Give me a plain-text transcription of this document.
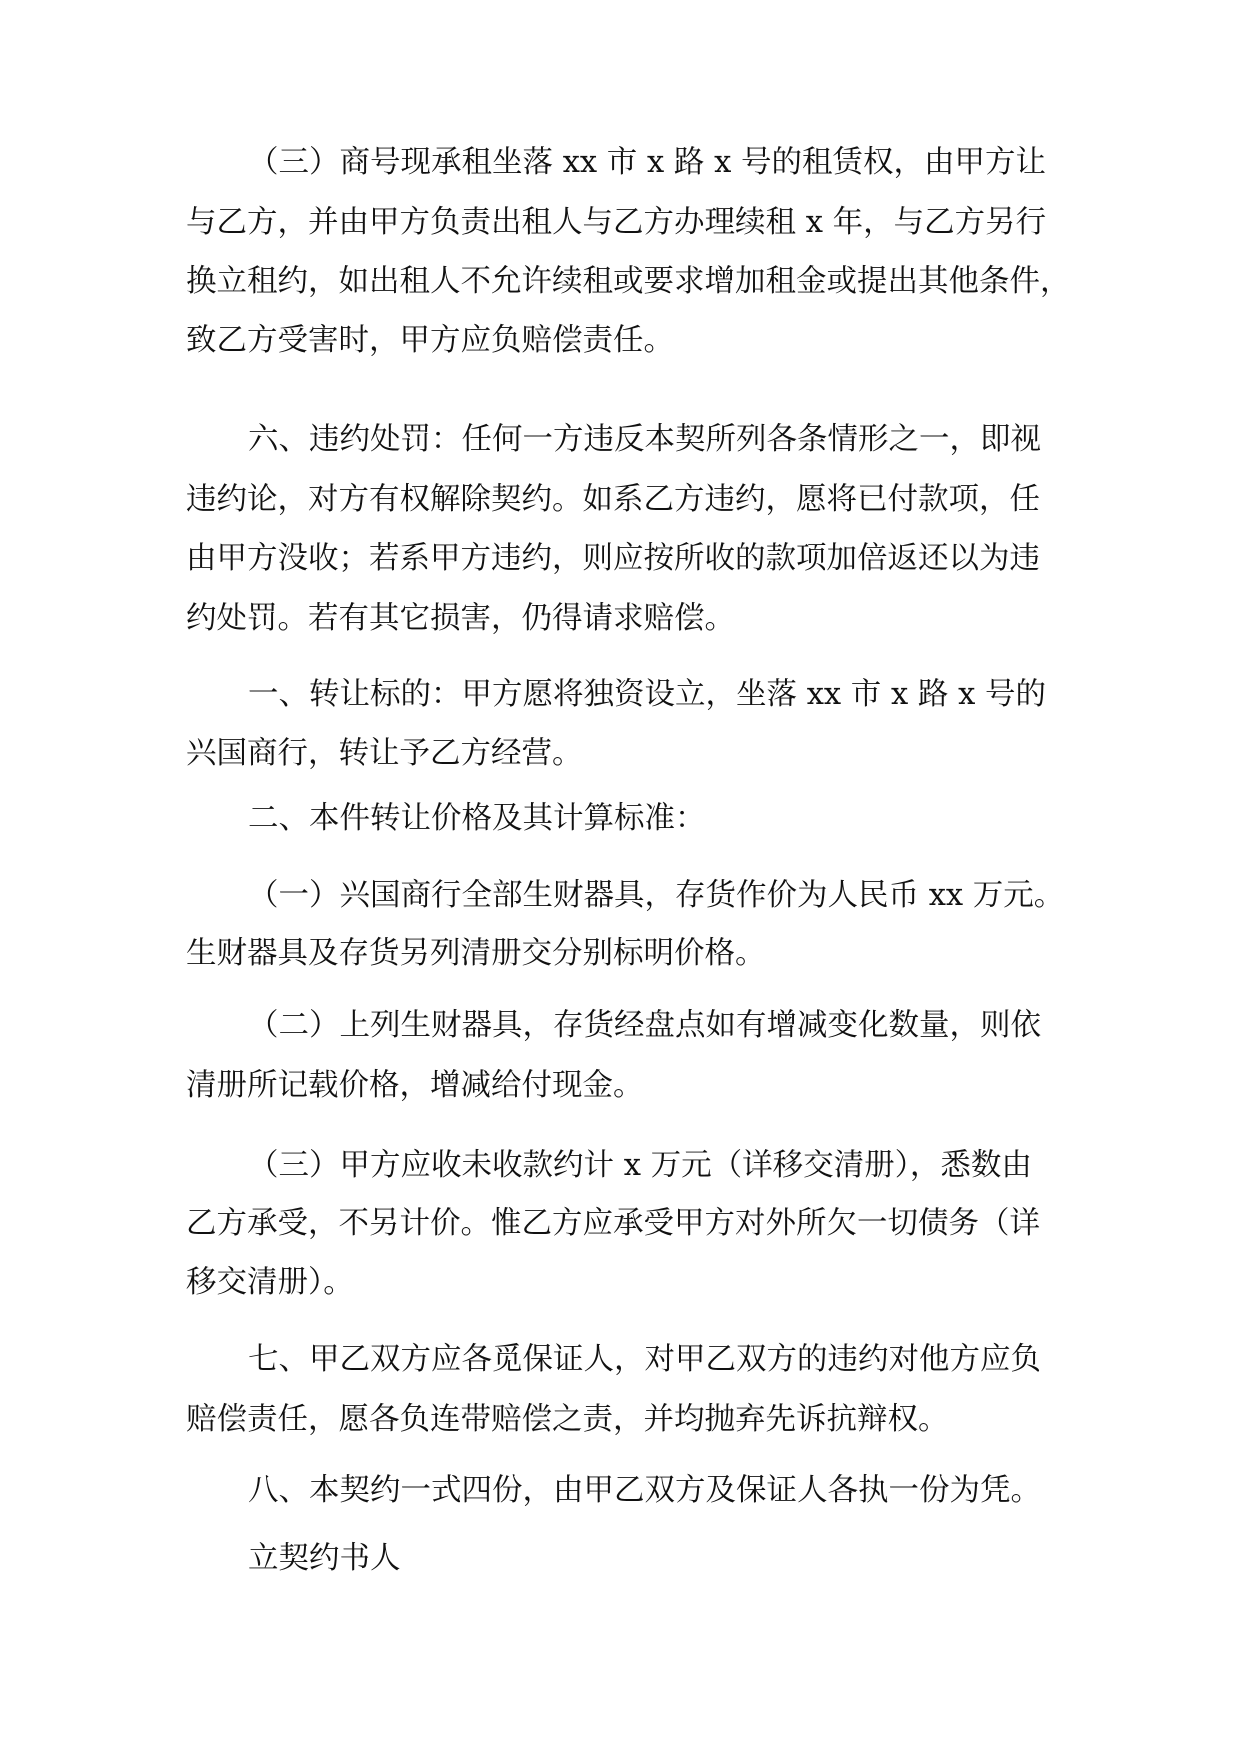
（三）商号现承租坐落 xx 市 x 路 x 号的租赁权，由甲方让
与乙方，并由甲方负责出租人与乙方办理续租 x 年，与乙方另行
换立租约，如出租人不允许续租或要求增加租金或提出其他条件，
致乙方受害时，甲方应负赔偿责任。
六、违约处罚：任何一方违反本契所列各条情形之一，即视
违约论，对方有权解除契约。如系乙方违约，愿将已付款项，任
由甲方没收；若系甲方违约，则应按所收的款项加倍返还以为违
约处罚。若有其它损害，仍得请求赔偿。
一、转让标的：甲方愿将独资设立，坐落 xx 市 x 路 x 号的
兴国商行，转让予乙方经营。
二、本件转让价格及其计算标准：
（一）兴国商行全部生财器具，存货作价为人民币 xx 万元。
生财器具及存货另列清册交分别标明价格。
（二）上列生财器具，存货经盘点如有增减变化数量，则依
清册所记载价格，增减给付现金。
（三）甲方应收未收款约计 x 万元（详移交清册），悉数由
乙方承受，不另计价。惟乙方应承受甲方对外所欠一切债务（详
移交清册）。
七、甲乙双方应各觅保证人，对甲乙双方的违约对他方应负
赔偿责任，愿各负连带赔偿之责，并均抛弃先诉抗辩权。
八、本契约一式四份，由甲乙双方及保证人各执一份为凭。
立契约书人
